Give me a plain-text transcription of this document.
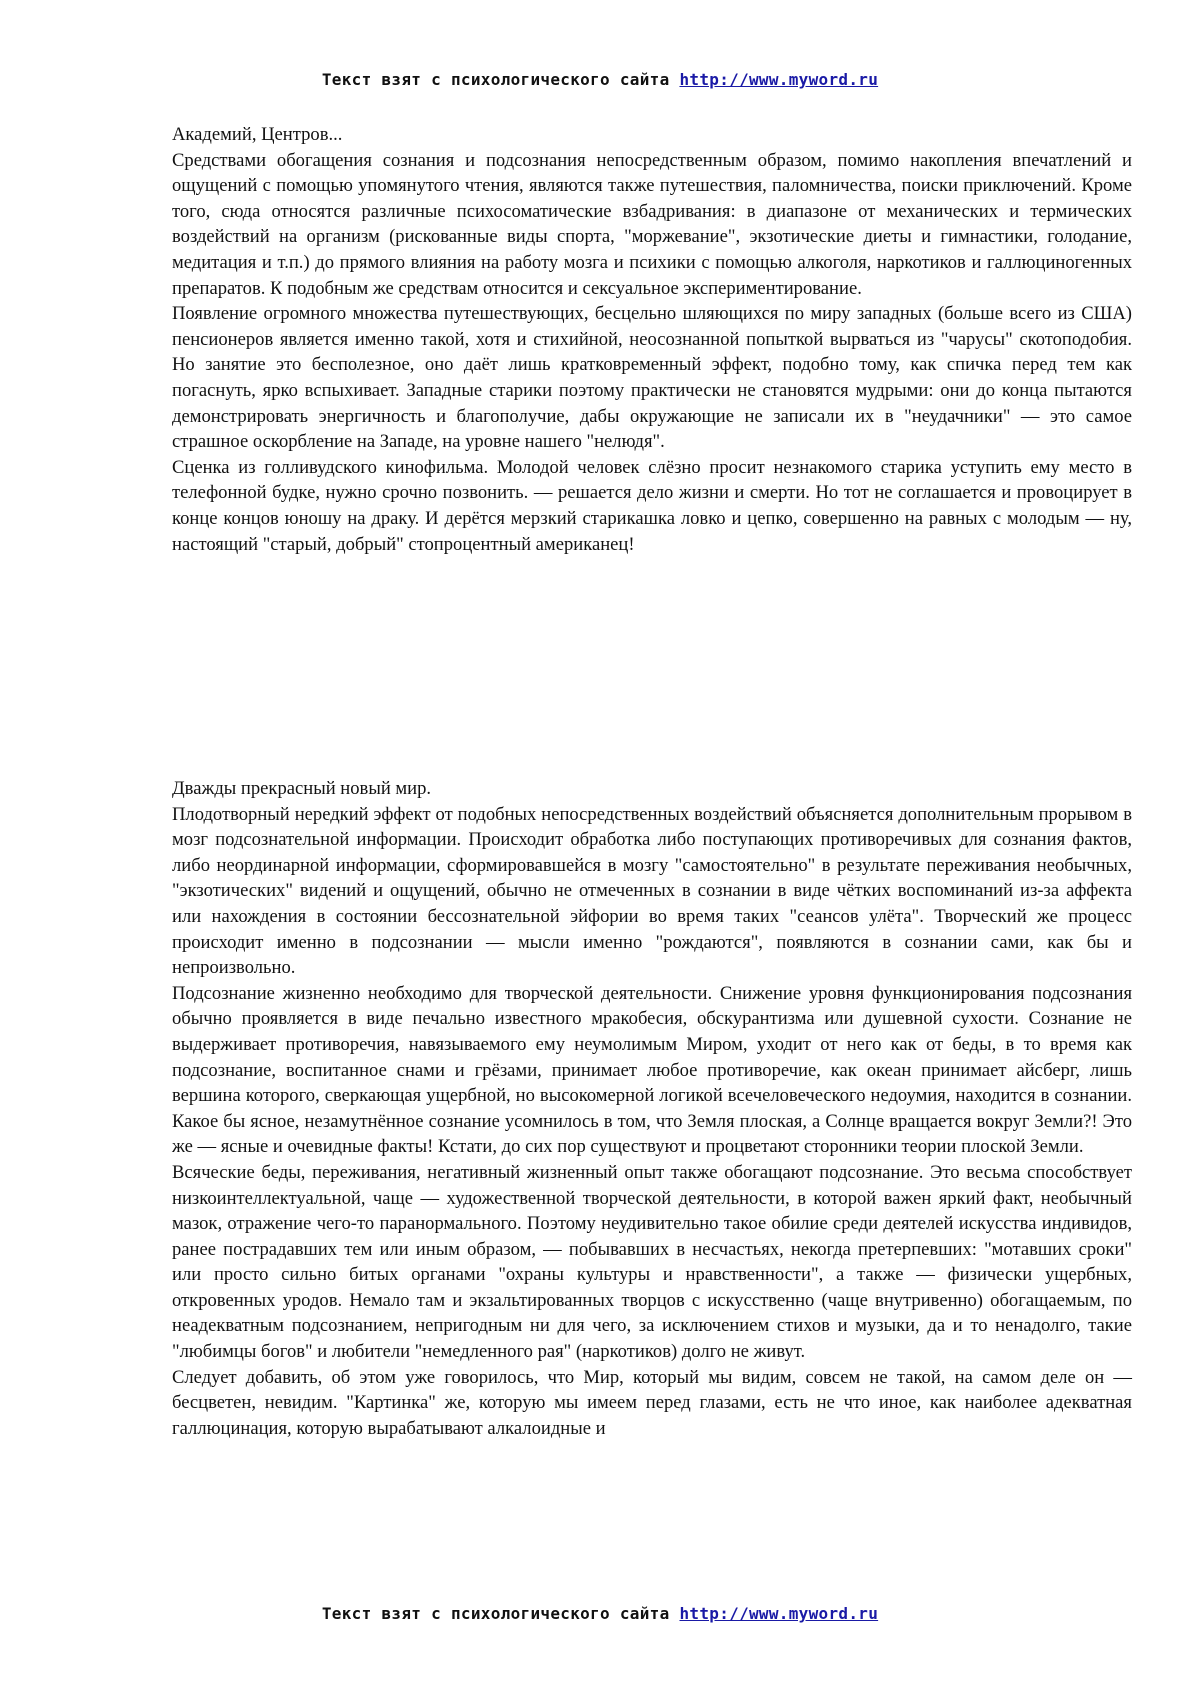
Текст взят с психологического сайта http://www.myword.ru

Академий, Центров...

Средствами обогащения сознания и подсознания непосредственным образом, помимо накопления впечатлений и ощущений с помощью упомянутого чтения, являются также путешествия, паломничества, поиски приключений. Кроме того, сюда относятся различные психосоматические взбадривания: в диапазоне от механических и термических воздействий на организм (рискованные виды спорта, "моржевание", экзотические диеты и гимнастики, голодание, медитация и т.п.) до прямого влияния на работу мозга и психики с помощью алкоголя, наркотиков и галлюциногенных препаратов. К подобным же средствам относится и сексуальное экспериментирование.

Появление огромного множества путешествующих, бесцельно шляющихся по миру западных (больше всего из США) пенсионеров является именно такой, хотя и стихийной, неосознанной попыткой вырваться из "чарусы" скотоподобия. Но занятие это бесполезное, оно даёт лишь кратковременный эффект, подобно тому, как спичка перед тем как погаснуть, ярко вспыхивает. Западные старики поэтому практически не становятся мудрыми: они до конца пытаются демонстрировать энергичность и благополучие, дабы окружающие не записали их в "неудачники" — это самое страшное оскорбление на Западе, на уровне нашего "нелюдя".

Сценка из голливудского кинофильма. Молодой человек слёзно просит незнакомого старика уступить ему место в телефонной будке, нужно срочно позвонить. — решается дело жизни и смерти. Но тот не соглашается и провоцирует в конце концов юношу на драку. И дерётся мерзкий старикашка ловко и цепко, совершенно на равных с молодым — ну, настоящий "старый, добрый" стопроцентный американец!

Дважды прекрасный новый мир.

Плодотворный нередкий эффект от подобных непосредственных воздействий объясняется дополнительным прорывом в мозг подсознательной информации. Происходит обработка либо поступающих противоречивых для сознания фактов, либо неординарной информации, сформировавшейся в мозгу "самостоятельно" в результате переживания необычных, "экзотических" видений и ощущений, обычно не отмеченных в сознании в виде чётких воспоминаний из-за аффекта или нахождения в состоянии бессознательной эйфории во время таких "сеансов улёта". Творческий же процесс происходит именно в подсознании — мысли именно "рождаются", появляются в сознании сами, как бы и непроизвольно.

Подсознание жизненно необходимо для творческой деятельности. Снижение уровня функционирования подсознания обычно проявляется в виде печально известного мракобесия, обскурантизма или душевной сухости. Сознание не выдерживает противоречия, навязываемого ему неумолимым Миром, уходит от него как от беды, в то время как подсознание, воспитанное снами и грёзами, принимает любое противоречие, как океан принимает айсберг, лишь вершина которого, сверкающая ущербной, но высокомерной логикой всечеловеческого недоумия, находится в сознании. Какое бы ясное, незамутнённое сознание усомнилось в том, что Земля плоская, а Солнце вращается вокруг Земли?! Это же — ясные и очевидные факты! Кстати, до сих пор существуют и процветают сторонники теории плоской Земли.

Всяческие беды, переживания, негативный жизненный опыт также обогащают подсознание. Это весьма способствует низкоинтеллектуальной, чаще — художественной творческой деятельности, в которой важен яркий факт, необычный мазок, отражение чего-то паранормального. Поэтому неудивительно такое обилие среди деятелей искусства индивидов, ранее пострадавших тем или иным образом, — побывавших в несчастьях, некогда претерпевших: "мотавших сроки" или просто сильно битых органами "охраны культуры и нравственности", а также — физически ущербных, откровенных уродов. Немало там и экзальтированных творцов с искусственно (чаще внутривенно) обогащаемым, по неадекватным подсознанием, непригодным ни для чего, за исключением стихов и музыки, да и то ненадолго, такие "любимцы богов" и любители "немедленного рая" (наркотиков) долго не живут.

Следует добавить, об этом уже говорилось, что Мир, который мы видим, совсем не такой, на самом деле он — бесцветен, невидим. "Картинка" же, которую мы имеем перед глазами, есть не что иное, как наиболее адекватная галлюцинация, которую вырабатывают алкалоидные и

Текст взят с психологического сайта http://www.myword.ru
